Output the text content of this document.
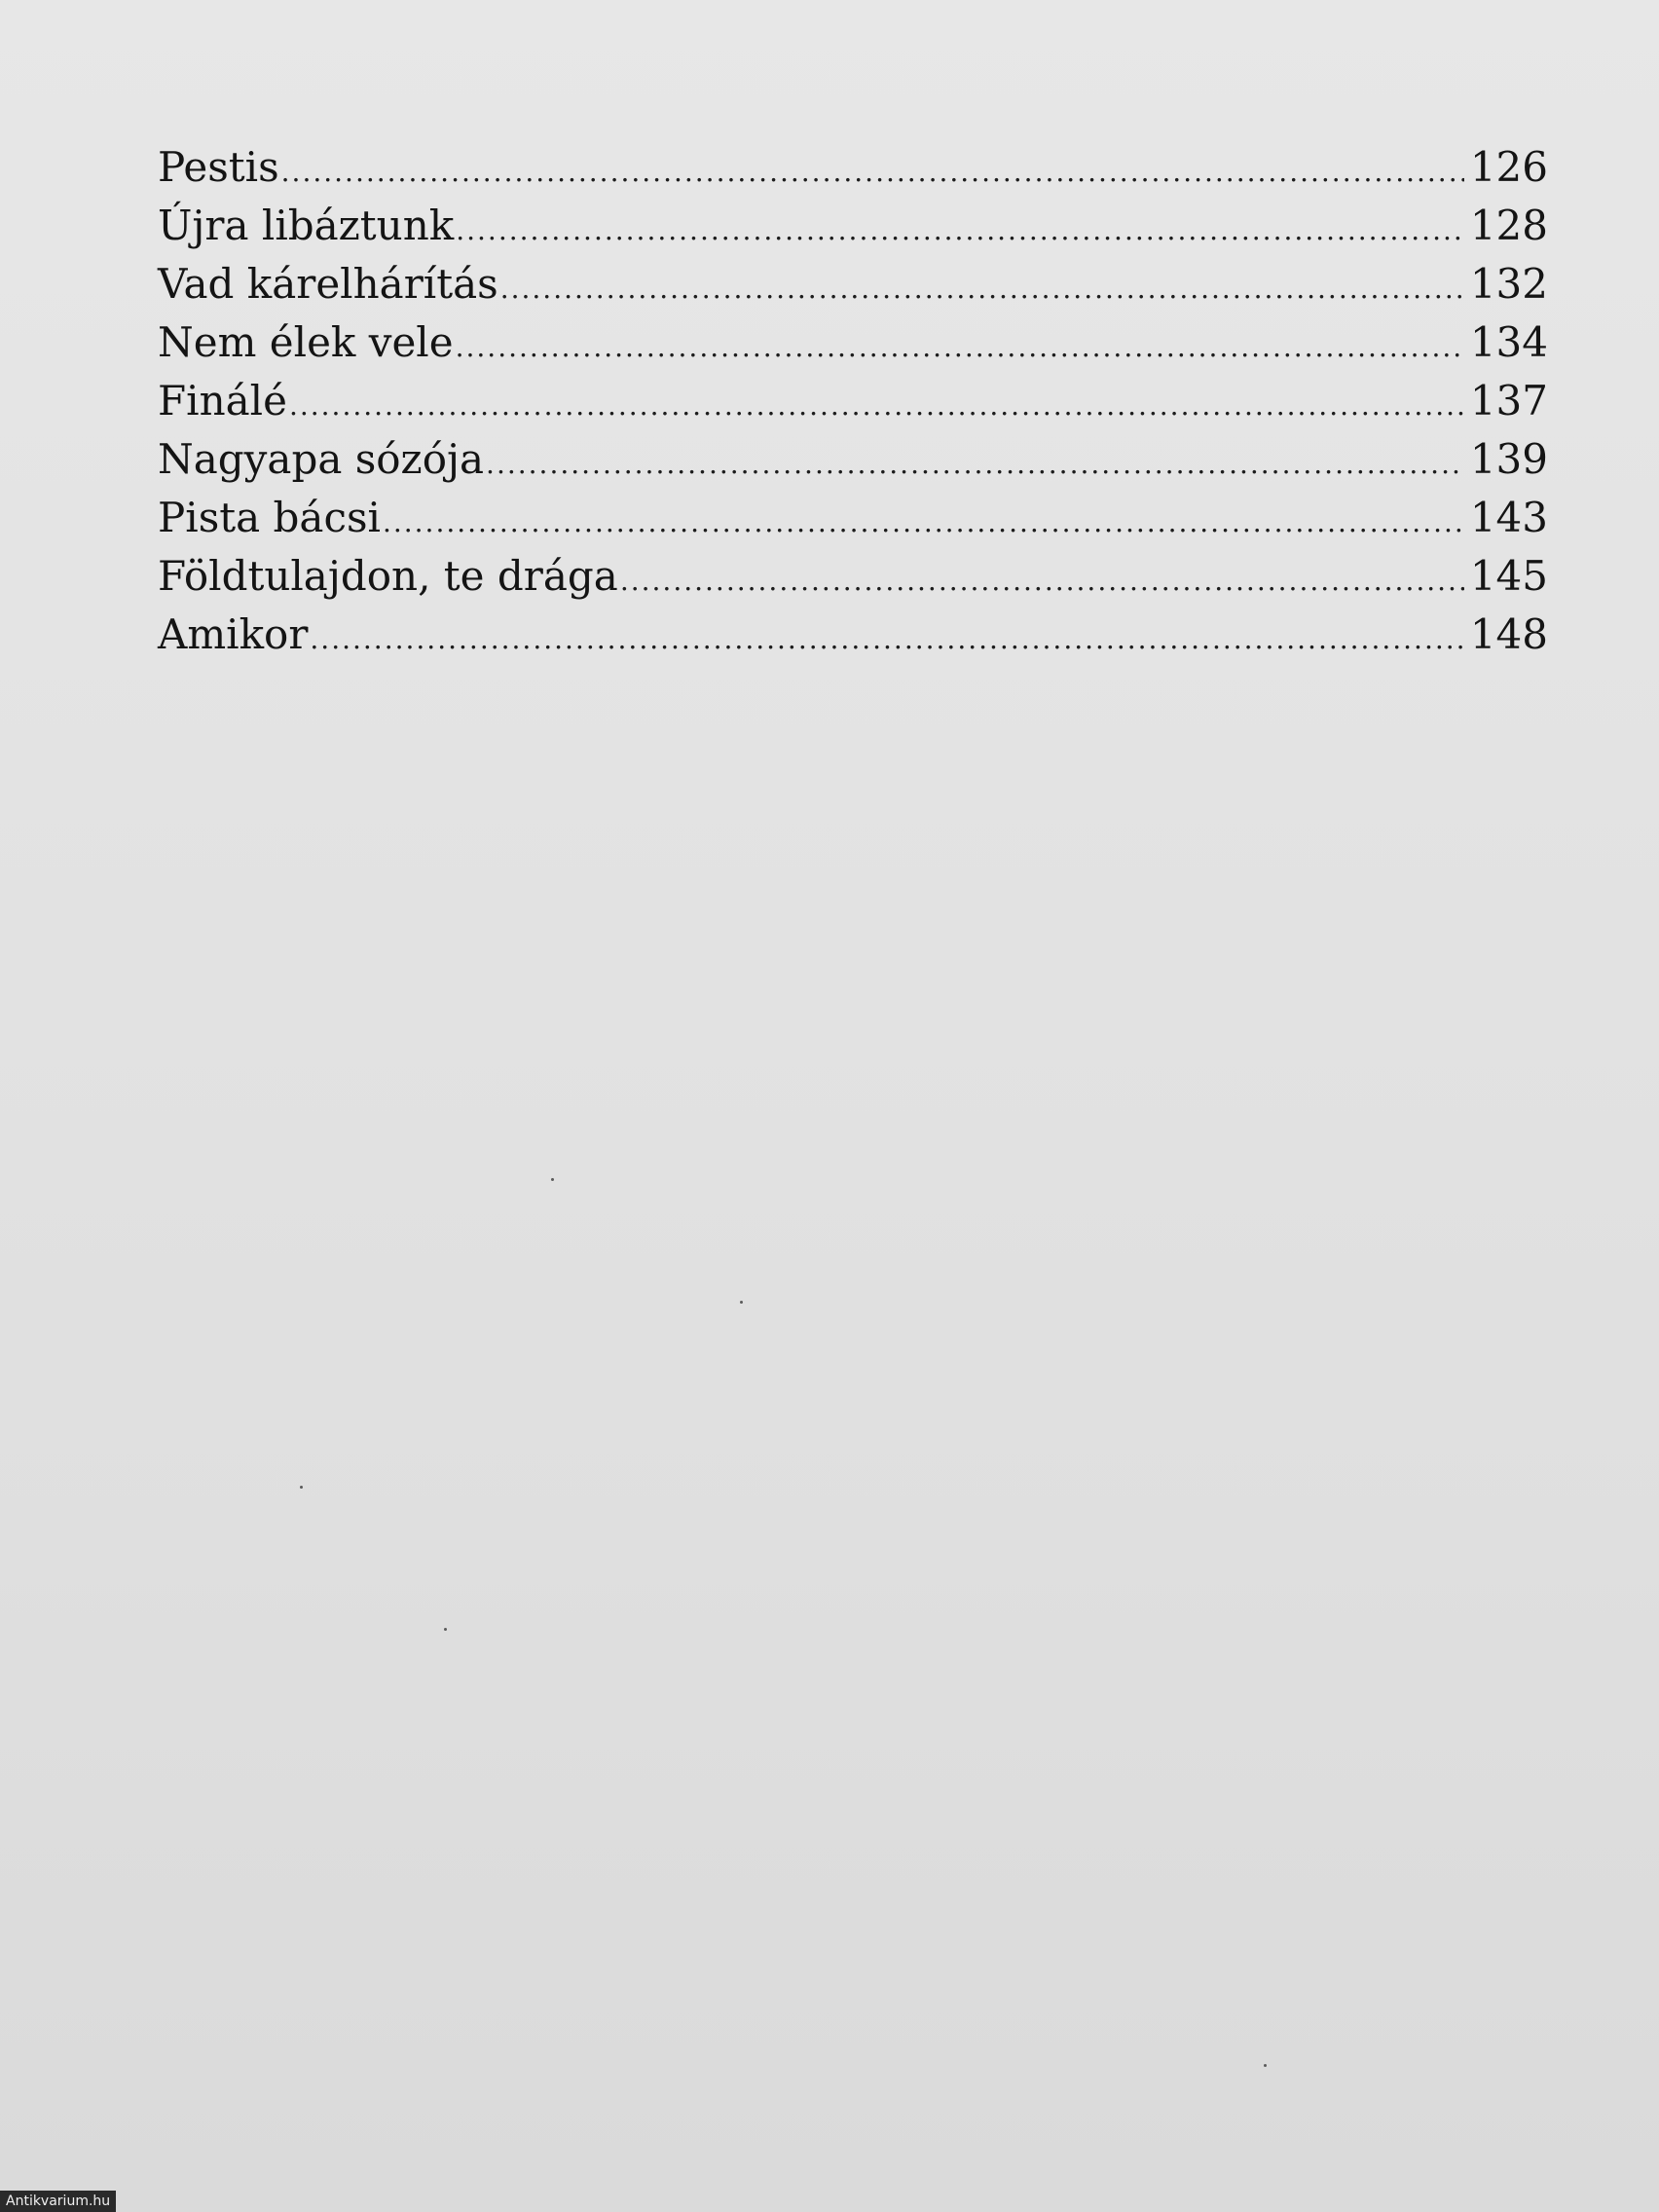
Pestis .....	126
Újra libáztunk .....	128
Vad kárelhárítás .....	132
Nem élek vele .....	134
Finálé .....	137
Nagyapa sózója .....	139
Pista bácsi .....	143
Földtulajdon, te drága .....	145
Amikor .....	148
Antikvarium.hu
